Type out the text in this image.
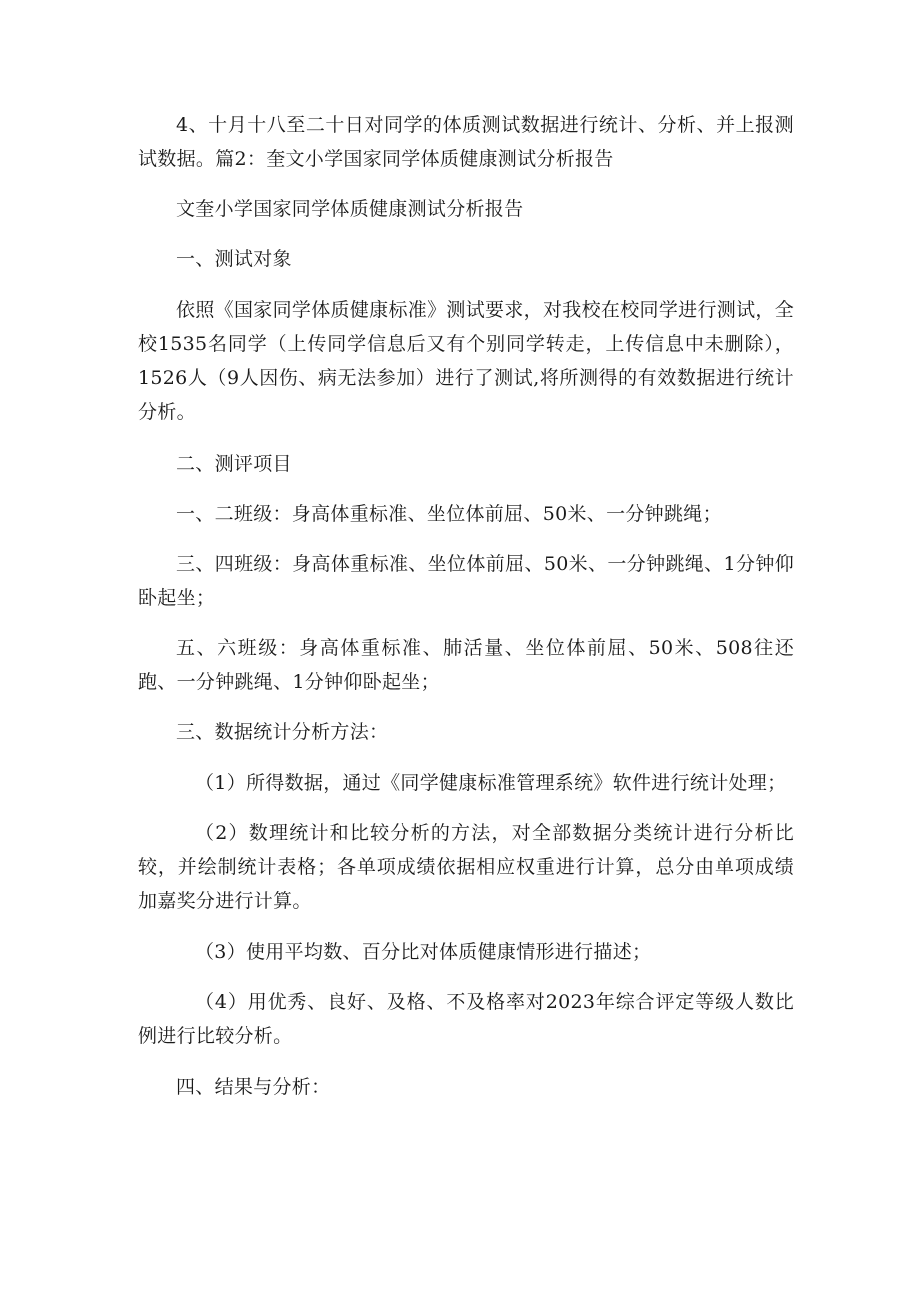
4、十月十八至二十日对同学的体质测试数据进行统计、分析、并上报测试数据。篇2：奎文小学国家同学体质健康测试分析报告

文奎小学国家同学体质健康测试分析报告

一、测试对象

依照《国家同学体质健康标准》测试要求，对我校在校同学进行测试，全校1535名同学（上传同学信息后又有个别同学转走，上传信息中未删除），1526人（9人因伤、病无法参加）进行了测试,将所测得的有效数据进行统计分析。

二、测评项目

一、二班级：身高体重标准、坐位体前屈、50米、一分钟跳绳；

三、四班级：身高体重标准、坐位体前屈、50米、一分钟跳绳、1分钟仰卧起坐；

五、六班级：身高体重标准、肺活量、坐位体前屈、50米、508往还跑、一分钟跳绳、1分钟仰卧起坐；

三、数据统计分析方法：

（1）所得数据，通过《同学健康标准管理系统》软件进行统计处理；

（2）数理统计和比较分析的方法，对全部数据分类统计进行分析比较，并绘制统计表格；各单项成绩依据相应权重进行计算，总分由单项成绩加嘉奖分进行计算。

（3）使用平均数、百分比对体质健康情形进行描述；

（4）用优秀、良好、及格、不及格率对2023年综合评定等级人数比例进行比较分析。

四、结果与分析：
